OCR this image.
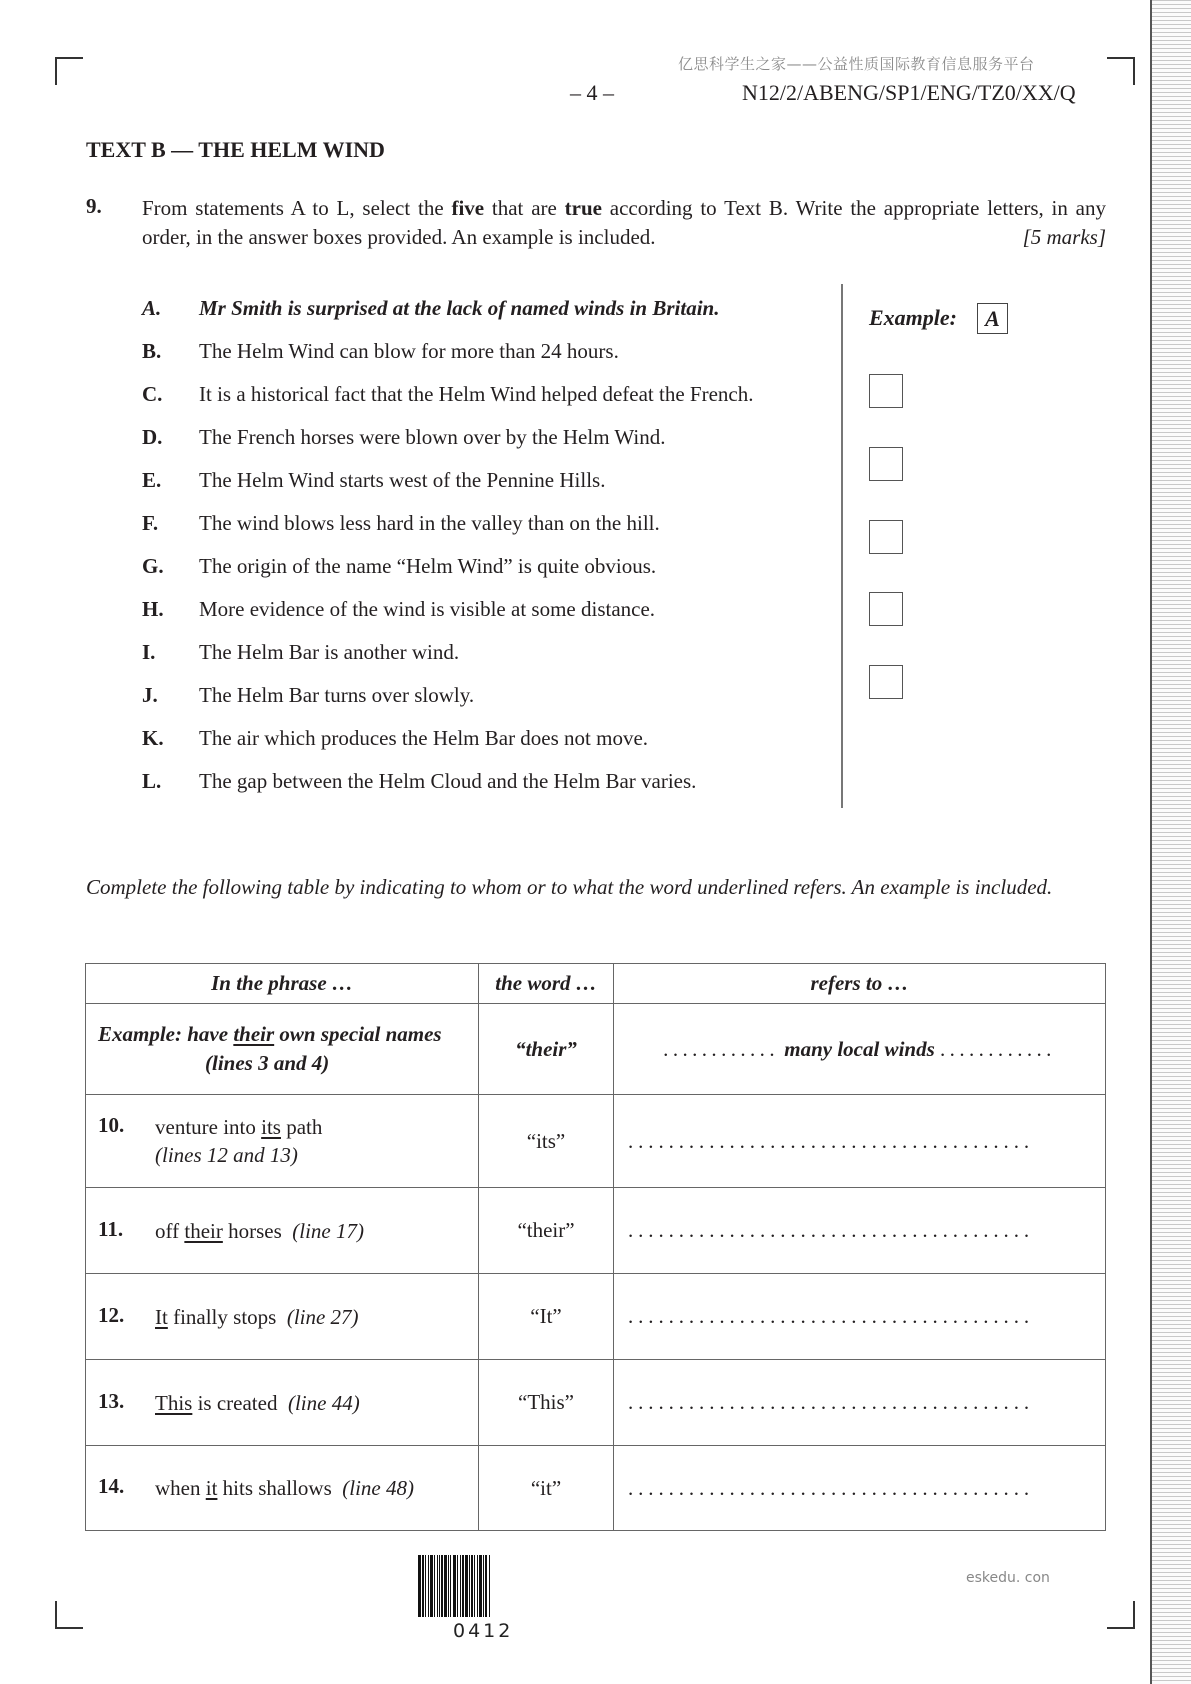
亿思科学生之家——公益性质国际教育信息服务平台
– 4 –	N12/2/ABENG/SP1/ENG/TZ0/XX/Q
TEXT B — THE HELM WIND
9. From statements A to L, select the five that are true according to Text B. Write the appropriate letters, in any order, in the answer boxes provided. An example is included.	[5 marks]
A. Mr Smith is surprised at the lack of named winds in Britain.
B. The Helm Wind can blow for more than 24 hours.
C. It is a historical fact that the Helm Wind helped defeat the French.
D. The French horses were blown over by the Helm Wind.
E. The Helm Wind starts west of the Pennine Hills.
F. The wind blows less hard in the valley than on the hill.
G. The origin of the name “Helm Wind” is quite obvious.
H. More evidence of the wind is visible at some distance.
I. The Helm Bar is another wind.
J. The Helm Bar turns over slowly.
K. The air which produces the Helm Bar does not move.
L. The gap between the Helm Cloud and the Helm Bar varies.
Example:	A
Complete the following table by indicating to whom or to what the word underlined refers. An example is included.
In the phrase …	the word …	refers to …

Example: have their own special names
(lines 3 and 4)	“their”	............ many local winds ............

10. venture into its path
(lines 12 and 13)	“its”	........................................

11. off their horses (line 17)	“their”	........................................

12. It finally stops (line 27)	“It”	........................................

13. This is created (line 44)	“This”	........................................

14. when it hits shallows (line 48)	“it”	........................................
0412
eskedu. con
